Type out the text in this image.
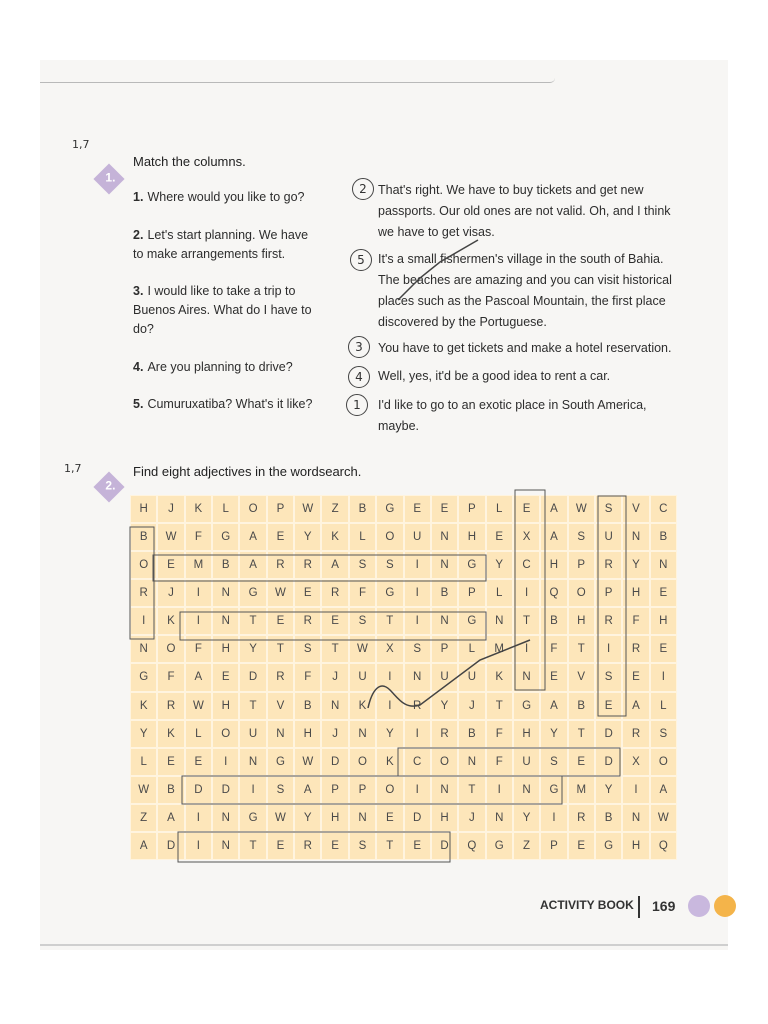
1,7
1.
Match the columns.
1. Where would you like to go?
2. Let's start planning. We have to make arrangements first.
3. I would like to take a trip to Buenos Aires. What do I have to do?
4. Are you planning to drive?
5. Cumuruxatiba? What's it like?
2 That's right. We have to buy tickets and get new passports. Our old ones are not valid. Oh, and I think we have to get visas.
5	It's a small fishermen's village in the south of Bahia. The beaches are amazing and you can visit historical places such as the Pascoal Mountain, the first place discovered by the Portuguese.
3	You have to get tickets and make a hotel reservation.
4	Well, yes, it'd be a good idea to rent a car.
1	I'd like to go to an exotic place in South America, maybe.
1,7
2.
Find eight adjectives in the wordsearch.
H	J	K	L	O	P	W	Z	B	G	E	E	P	L	E	A	W	S	V	C
B	W	F	G	A	E	Y	K	L	O	U	N	H	E	X	A	S	U	N	B
O	E	M	B	A	R	R	A	S	S	I	N	G	Y	C	H	P	R	Y	N
R	J	I	N	G	W	E	R	F	G	I	B	P	L	I	Q	O	P	H	E
I	K	I	N	T	E	R	E	S	T	I	N	G	N	T	B	H	R	F	H
N	O	F	H	Y	T	S	T	W	X	S	P	L	M	I	F	T	I	R	E
G	F	A	E	D	R	F	J	U	I	N	U	U	K	N	E	V	S	E	I
K	R	W	H	T	V	B	N	K	I	R	Y	J	T	G	A	B	E	A	L
Y	K	L	O	U	N	H	J	N	Y	I	R	B	F	H	Y	T	D	R	S
L	E	E	I	N	G	W	D	O	K	C	O	N	F	U	S	E	D	X	O
W	B	D	D	I	S	A	P	P	O	I	N	T	I	N	G	M	Y	I	A
Z	A	I	N	G	W	Y	H	N	E	D	H	J	N	Y	I	R	B	N	W
A	D	I	N	T	E	R	E	S	T	E	D	Q	G	Z	P	E	G	H	Q
ACTIVITY BOOK 169
